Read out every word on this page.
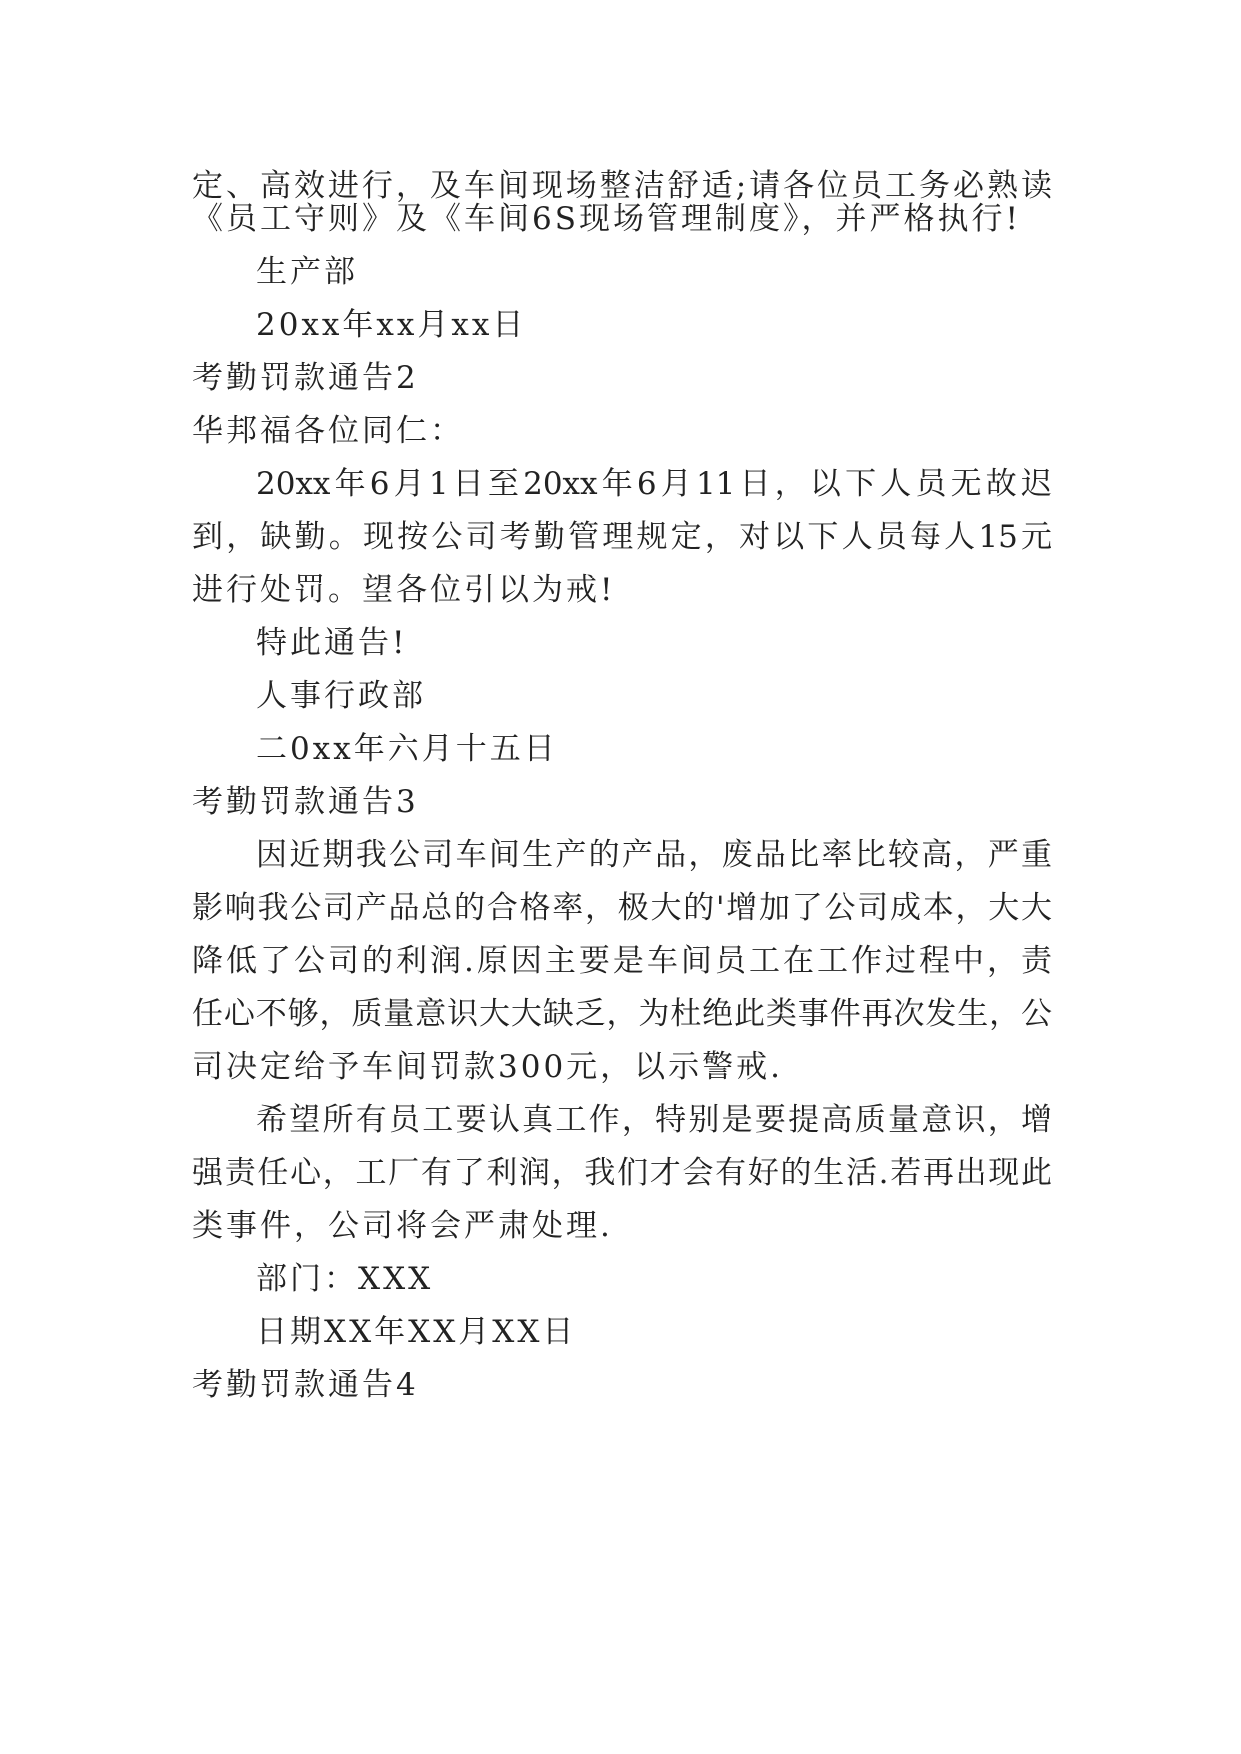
定、高效进行，及车间现场整洁舒适;请各位员工务必熟读
《员工守则》及《车间6S现场管理制度》，并严格执行!
生产部
20xx年xx月xx日
考勤罚款通告2
华邦福各位同仁：
20xx年6月1日至20xx年6月11日，以下人员无故迟
到，缺勤。现按公司考勤管理规定，对以下人员每人15元
进行处罚。望各位引以为戒!
特此通告!
人事行政部
二0xx年六月十五日
考勤罚款通告3
因近期我公司车间生产的产品，废品比率比较高，严重
影响我公司产品总的合格率，极大的'增加了公司成本，大大
降低了公司的利润.原因主要是车间员工在工作过程中，责
任心不够，质量意识大大缺乏，为杜绝此类事件再次发生，公
司决定给予车间罚款300元，以示警戒.
希望所有员工要认真工作，特别是要提高质量意识，增
强责任心，工厂有了利润，我们才会有好的生活.若再出现此
类事件，公司将会严肃处理.
部门：XXX
日期XX年XX月XX日
考勤罚款通告4
